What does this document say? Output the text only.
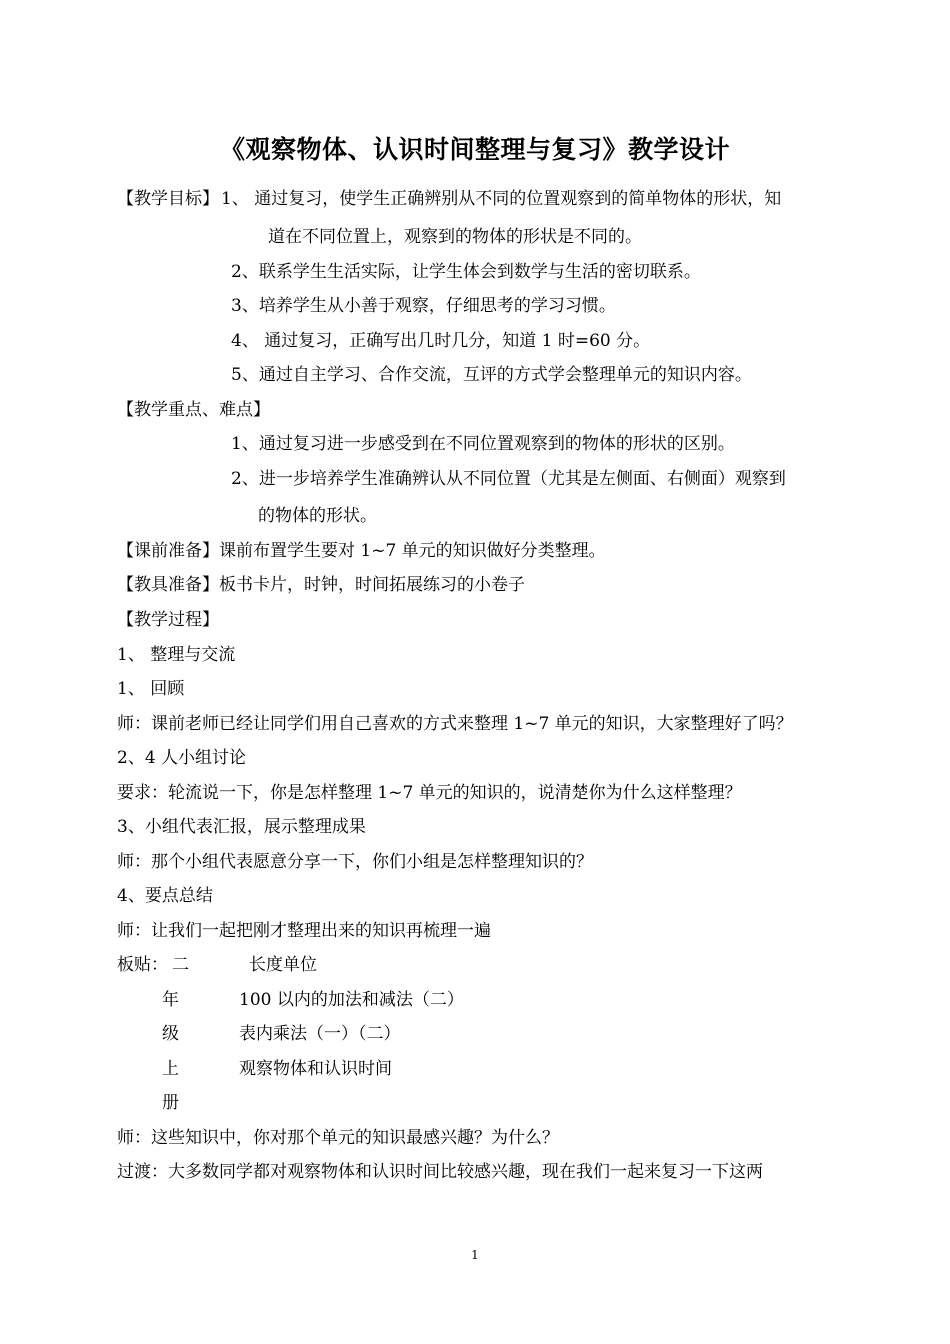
《观察物体、认识时间整理与复习》教学设计
【教学目标】 1、 通过复习，使学生正确辨别从不同的位置观察到的简单物体的形状，知
道在不同位置上，观察到的物体的形状是不同的。
2、联系学生生活实际，让学生体会到数学与生活的密切联系。
3、培养学生从小善于观察，仔细思考的学习习惯。
4、 通过复习，正确写出几时几分，知道 1 时=60 分。
5、通过自主学习、合作交流，互评的方式学会整理单元的知识内容。
【教学重点、难点】
1、通过复习进一步感受到在不同位置观察到的物体的形状的区别。
2、进一步培养学生准确辨认从不同位置（尤其是左侧面、右侧面）观察到
的物体的形状。
【课前准备】课前布置学生要对 1~7 单元的知识做好分类整理。
【教具准备】板书卡片，时钟，时间拓展练习的小卷子
【教学过程】
1、 整理与交流
1、 回顾
师：课前老师已经让同学们用自己喜欢的方式来整理 1~7 单元的知识，大家整理好了吗？
2、4 人小组讨论
要求：轮流说一下，你是怎样整理 1~7 单元的知识的，说清楚你为什么这样整理？
3、小组代表汇报，展示整理成果
师：那个小组代表愿意分享一下，你们小组是怎样整理知识的？
4、要点总结
师：让我们一起把刚才整理出来的知识再梳理一遍
板贴： 二
年
级
上
册
长度单位
100 以内的加法和减法（二）
表内乘法（一）（二）
观察物体和认识时间
师：这些知识中，你对那个单元的知识最感兴趣？为什么？
过渡：大多数同学都对观察物体和认识时间比较感兴趣，现在我们一起来复习一下这两
1
